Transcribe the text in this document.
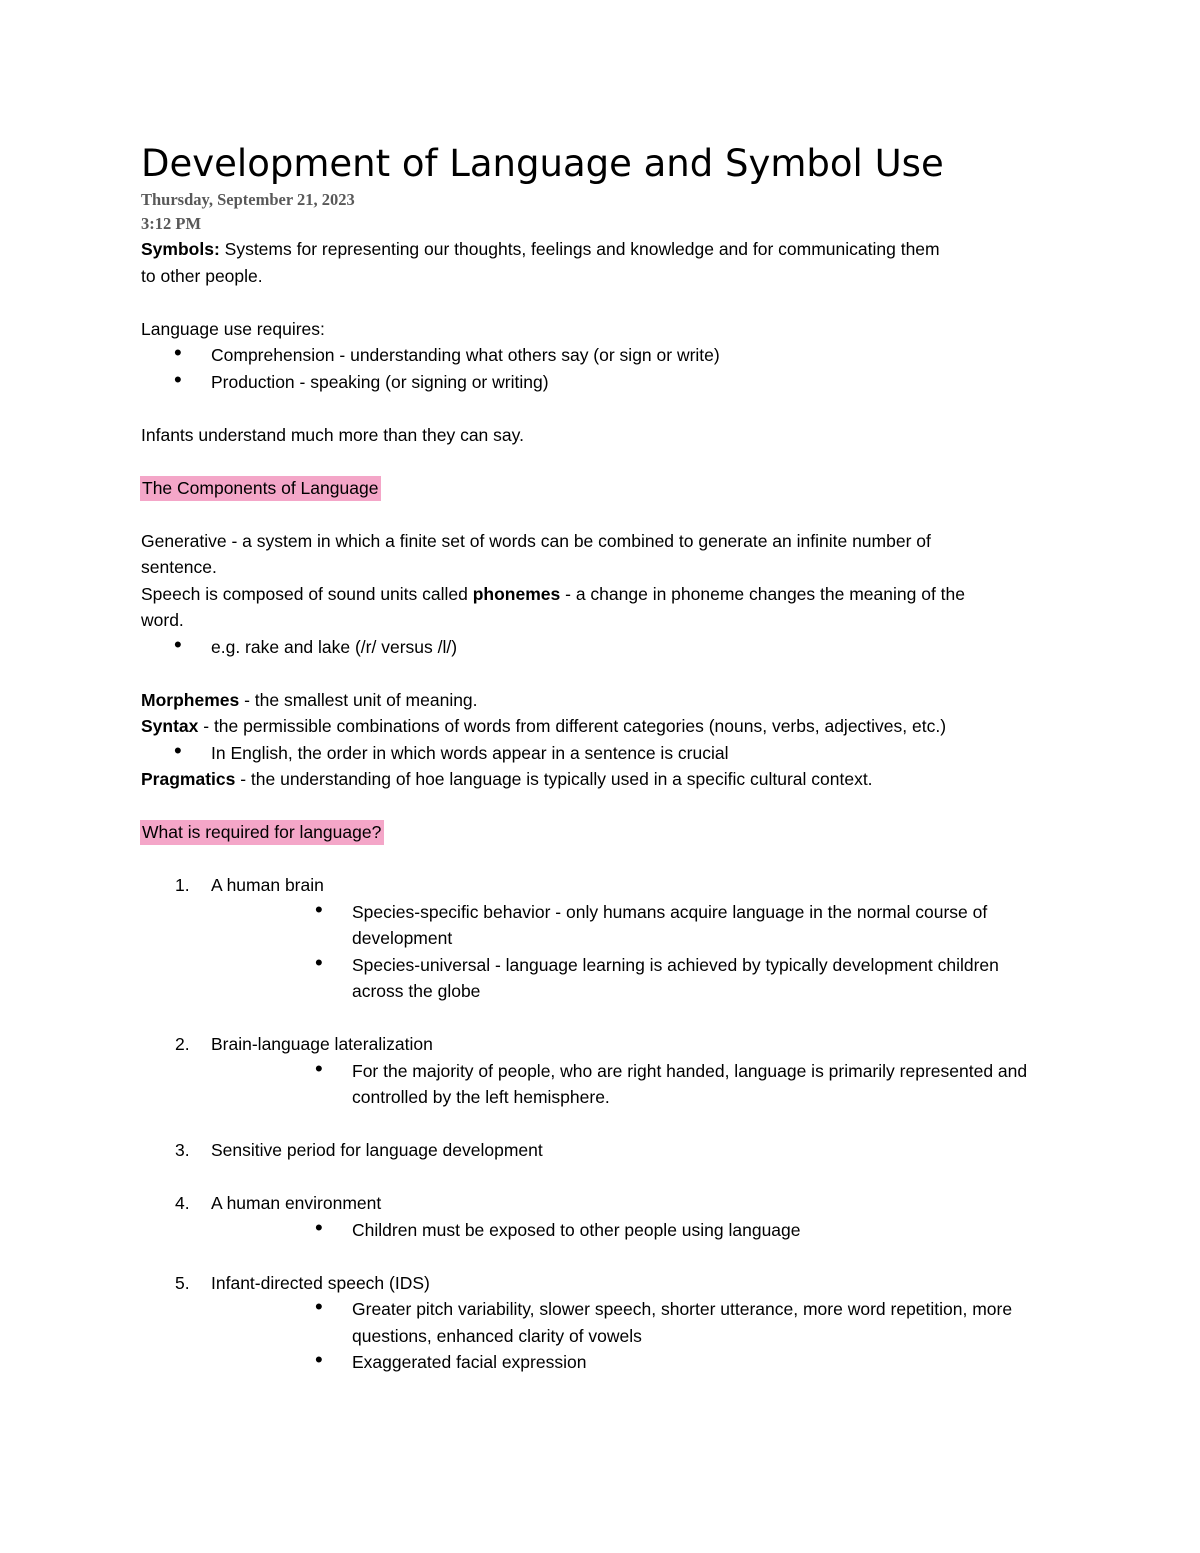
Development of Language and Symbol Use
Thursday, September 21, 2023
3:12 PM

Symbols: Systems for representing our thoughts, feelings and knowledge and for communicating them

to other people.

Language use requires:

• Comprehension - understanding what others say (or sign or write)
• Production - speaking (or signing or writing)

Infants understand much more than they can say.

The Components of Language

Generative - a system in which a finite set of words can be combined to generate an infinite number of

sentence.

Speech is composed of sound units called phonemes - a change in phoneme changes the meaning of the

word.

• e.g. rake and lake (/r/ versus /l/)

Morphemes - the smallest unit of meaning.

Syntax - the permissible combinations of words from different categories (nouns, verbs, adjectives, etc.)

• In English, the order in which words appear in a sentence is crucial

Pragmatics - the understanding of hoe language is typically used in a specific cultural context.

What is required for language?

1. A human brain
• Species-specific behavior - only humans acquire language in the normal course of
development
• Species-universal - language learning is achieved by typically development children
across the globe
2. Brain-language lateralization
• For the majority of people, who are right handed, language is primarily represented and
controlled by the left hemisphere.
3. Sensitive period for language development
4. A human environment
• Children must be exposed to other people using language
5. Infant-directed speech (IDS)
• Greater pitch variability, slower speech, shorter utterance, more word repetition, more
questions, enhanced clarity of vowels
• Exaggerated facial expression
